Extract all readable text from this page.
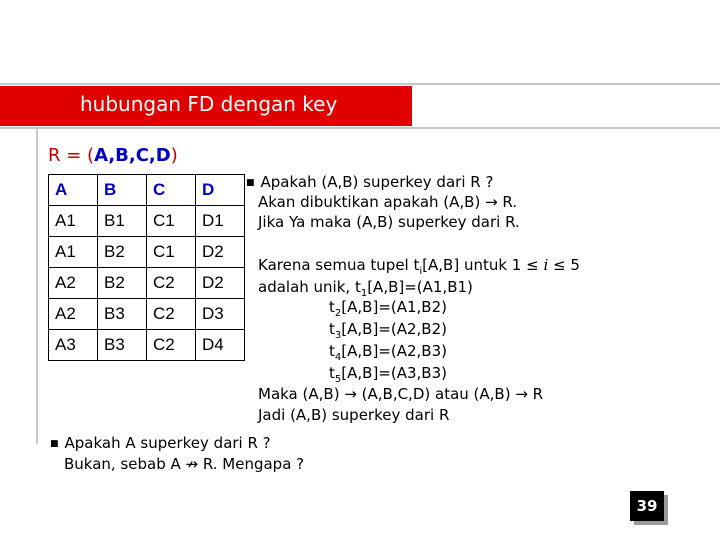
hubungan FD dengan key
R = (A,B,C,D)
A	B	C	D
A1	B1	C1	D1
A1	B2	C1	D2
A2	B2	C2	D2
A2	B3	C2	D3
A3	B3	C2	D4
■ Apakah (A,B) superkey dari R ?
Akan dibuktikan apakah (A,B) → R.
Jika Ya maka (A,B) superkey dari R.
Karena semua tupel $t_i[A,B]$ untuk 1 ≤ i ≤ 5
adalah unik, $t_1[A,B]=(A1,B1)$
$t_2[A,B]=(A1,B2)$
$t_3[A,B]=(A2,B2)$
$t_4[A,B]=(A2,B3)$
$t_5[A,B]=(A3,B3)$
Maka (A,B) → (A,B,C,D) atau (A,B) → R
Jadi (A,B) superkey dari R
■ Apakah A superkey dari R ?
Bukan, sebab A ↛ R. Mengapa ?
39
